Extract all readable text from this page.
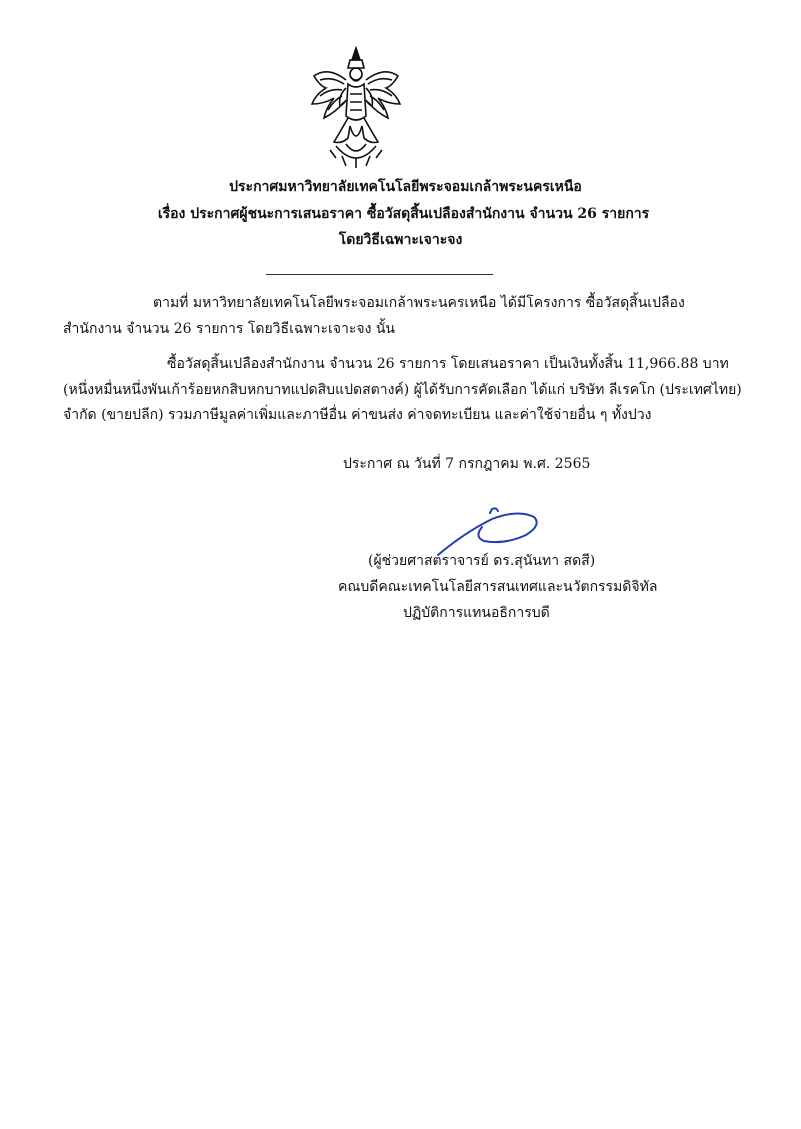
ประกาศมหาวิทยาลัยเทคโนโลยีพระจอมเกล้าพระนครเหนือ
เรื่อง ประกาศผู้ชนะการเสนอราคา ซื้อวัสดุสิ้นเปลืองสำนักงาน จำนวน 26 รายการ
โดยวิธีเฉพาะเจาะจง
ตามที่ มหาวิทยาลัยเทคโนโลยีพระจอมเกล้าพระนครเหนือ ได้มีโครงการ ซื้อวัสดุสิ้นเปลือง
สำนักงาน จำนวน 26 รายการ โดยวิธีเฉพาะเจาะจง นั้น
ซื้อวัสดุสิ้นเปลืองสำนักงาน จำนวน 26 รายการ โดยเสนอราคา เป็นเงินทั้งสิ้น 11,966.88 บาท
(หนึ่งหมื่นหนึ่งพันเก้าร้อยหกสิบหกบาทแปดสิบแปดสตางค์) ผู้ได้รับการคัดเลือก ได้แก่ บริษัท ลีเรคโก (ประเทศไทย)
จำกัด (ขายปลีก) รวมภาษีมูลค่าเพิ่มและภาษีอื่น ค่าขนส่ง ค่าจดทะเบียน และค่าใช้จ่ายอื่น ๆ ทั้งปวง
ประกาศ ณ วันที่ 7 กรกฎาคม พ.ศ. 2565
(ผู้ช่วยศาสตราจารย์ ดร.สุนันทา สดสี)
คณบดีคณะเทคโนโลยีสารสนเทศและนวัตกรรมดิจิทัล
ปฏิบัติการแทนอธิการบดี
